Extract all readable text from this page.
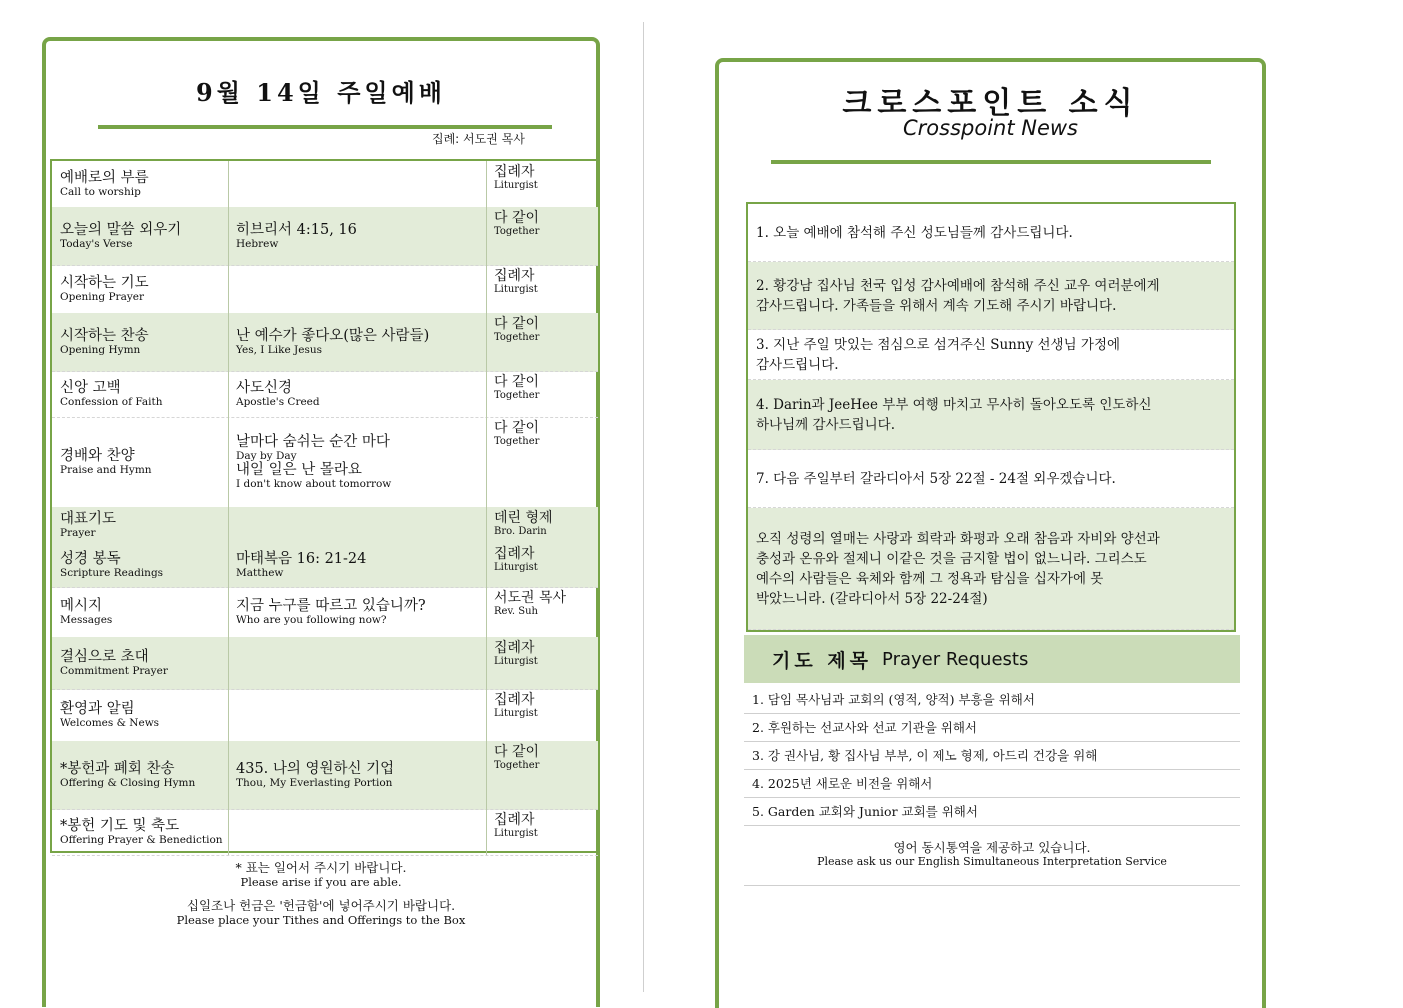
9월 14일 주일예배
집례: 서도권 목사
예배로의 부름
Call to worship
집례자
Liturgist
오늘의 말씀 외우기
Today's Verse
히브리서 4:15, 16
Hebrew
다 같이
Together
시작하는 기도
Opening Prayer
집례자
Liturgist
시작하는 찬송
Opening Hymn
난 예수가 좋다오(많은 사람들)
Yes, I Like Jesus
다 같이
Together
신앙 고백
Confession of Faith
사도신경
Apostle's Creed
다 같이
Together
경배와 찬양
Praise and Hymn
날마다 숨쉬는 순간 마다
Day by Day
내일 일은 난 몰라요
I don't know about tomorrow
다 같이
Together
대표기도
Prayer
데린 형제
Bro. Darin
성경 봉독
Scripture Readings
마태복음 16: 21-24
Matthew
집례자
Liturgist
메시지
Messages
지금 누구를 따르고 있습니까?
Who are you following now?
서도권 목사
Rev. Suh
결심으로 초대
Commitment Prayer
집례자
Liturgist
환영과 알림
Welcomes & News
집례자
Liturgist
*봉헌과 폐회 찬송
Offering & Closing Hymn
435. 나의 영원하신 기업
Thou, My Everlasting Portion
다 같이
Together
*봉헌 기도 및 축도
Offering Prayer & Benediction
집례자
Liturgist
* 표는 일어서 주시기 바랍니다.
Please arise if you are able.
십일조나 헌금은 '헌금함'에 넣어주시기 바랍니다.
Please place your Tithes and Offerings to the Box
크로스포인트 소식
Crosspoint News
1. 오늘 예배에 참석해 주신 성도님들께 감사드립니다.
2. 황강남 집사님 천국 입성 감사예배에 참석해 주신 교우 여러분에게
감사드립니다. 가족들을 위해서 계속 기도해 주시기 바랍니다.
3. 지난 주일 맛있는 점심으로 섬겨주신 Sunny 선생님 가정에
감사드립니다.
4. Darin과 JeeHee 부부 여행 마치고 무사히 돌아오도록 인도하신
하나님께 감사드립니다.
7. 다음 주일부터 갈라디아서 5장 22절 - 24절 외우겠습니다.
오직 성령의 열매는 사랑과 희락과 화평과 오래 참음과 자비와 양선과
충성과 온유와 절제니 이같은 것을 금지할 법이 없느니라. 그리스도
예수의 사람들은 육체와 함께 그 정욕과 탐심을 십자가에 못
박았느니라. (갈라디아서 5장 22-24절)
기도 제목 Prayer Requests
1. 담임 목사님과 교회의 (영적, 양적) 부흥을 위해서
2. 후원하는 선교사와 선교 기관을 위해서
3. 강 권사님, 황 집사님 부부, 이 제노 형제, 아드리 건강을 위해
4. 2025년 새로운 비전을 위해서
5. Garden 교회와 Junior 교회를 위해서
영어 동시통역을 제공하고 있습니다.
Please ask us our English Simultaneous Interpretation Service
